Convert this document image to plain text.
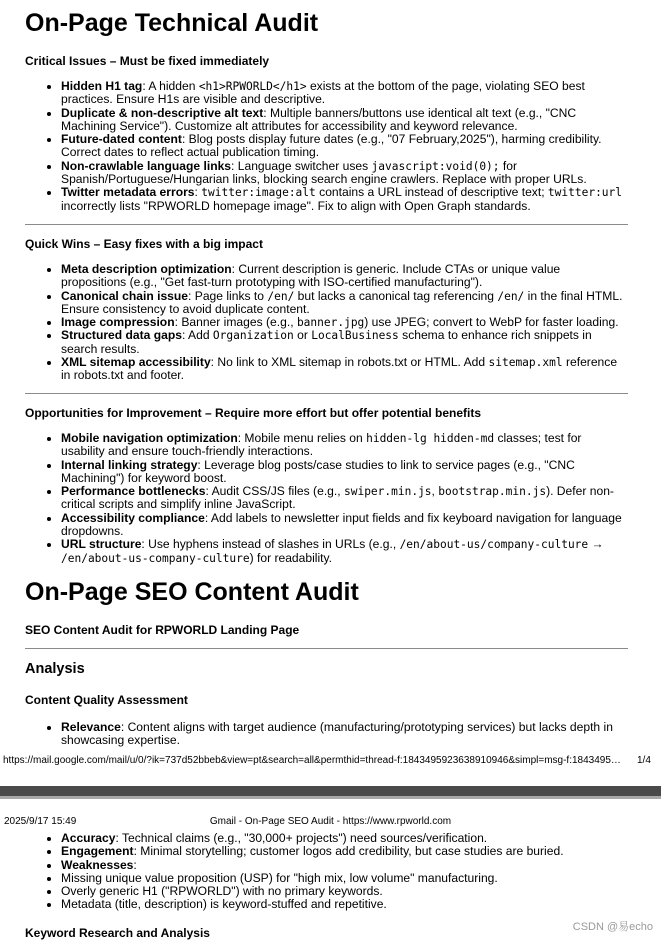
On-Page Technical Audit

Critical Issues – Must be fixed immediately

• Hidden H1 tag: A hidden <h1>RPWORLD</h1> exists at the bottom of the page, violating SEO best practices. Ensure H1s are visible and descriptive.
• Duplicate & non-descriptive alt text: Multiple banners/buttons use identical alt text (e.g., "CNC Machining Service"). Customize alt attributes for accessibility and keyword relevance.
• Future-dated content: Blog posts display future dates (e.g., "07 February,2025"), harming credibility. Correct dates to reflect actual publication timing.
• Non-crawlable language links: Language switcher uses javascript:void(0); for Spanish/Portuguese/Hungarian links, blocking search engine crawlers. Replace with proper URLs.
• Twitter metadata errors: twitter:image:alt contains a URL instead of descriptive text; twitter:url incorrectly lists "RPWORLD homepage image". Fix to align with Open Graph standards.

Quick Wins – Easy fixes with a big impact

• Meta description optimization: Current description is generic. Include CTAs or unique value propositions (e.g., "Get fast-turn prototyping with ISO-certified manufacturing").
• Canonical chain issue: Page links to /en/ but lacks a canonical tag referencing /en/ in the final HTML. Ensure consistency to avoid duplicate content.
• Image compression: Banner images (e.g., banner.jpg) use JPEG; convert to WebP for faster loading.
• Structured data gaps: Add Organization or LocalBusiness schema to enhance rich snippets in search results.
• XML sitemap accessibility: No link to XML sitemap in robots.txt or HTML. Add sitemap.xml reference in robots.txt and footer.

Opportunities for Improvement – Require more effort but offer potential benefits

• Mobile navigation optimization: Mobile menu relies on hidden-lg hidden-md classes; test for usability and ensure touch-friendly interactions.
• Internal linking strategy: Leverage blog posts/case studies to link to service pages (e.g., "CNC Machining") for keyword boost.
• Performance bottlenecks: Audit CSS/JS files (e.g., swiper.min.js, bootstrap.min.js). Defer non-critical scripts and simplify inline JavaScript.
• Accessibility compliance: Add labels to newsletter input fields and fix keyboard navigation for language dropdowns.
• URL structure: Use hyphens instead of slashes in URLs (e.g., /en/about-us/company-culture → /en/about-us-company-culture) for readability.
On-Page SEO Content Audit

SEO Content Audit for RPWORLD Landing Page

Analysis

Content Quality Assessment

• Relevance: Content aligns with target audience (manufacturing/prototyping services) but lacks depth in showcasing expertise.
https://mail.google.com/mail/u/0/?ik=737d52bbeb&view=pt&search=all&permthid=thread-f:1843495923638910946&simpl=msg-f:1843495…	1/4
Gmail - On-Page SEO Audit - https://www.rpworld.com
2025/9/17 15:49
• Accuracy: Technical claims (e.g., "30,000+ projects") need sources/verification.
• Engagement: Minimal storytelling; customer logos add credibility, but case studies are buried.
• Weaknesses:
• Missing unique value proposition (USP) for "high mix, low volume" manufacturing.
• Overly generic H1 ("RPWORLD") with no primary keywords.
• Metadata (title, description) is keyword-stuffed and repetitive.

Keyword Research and Analysis	CSDN @易echo
